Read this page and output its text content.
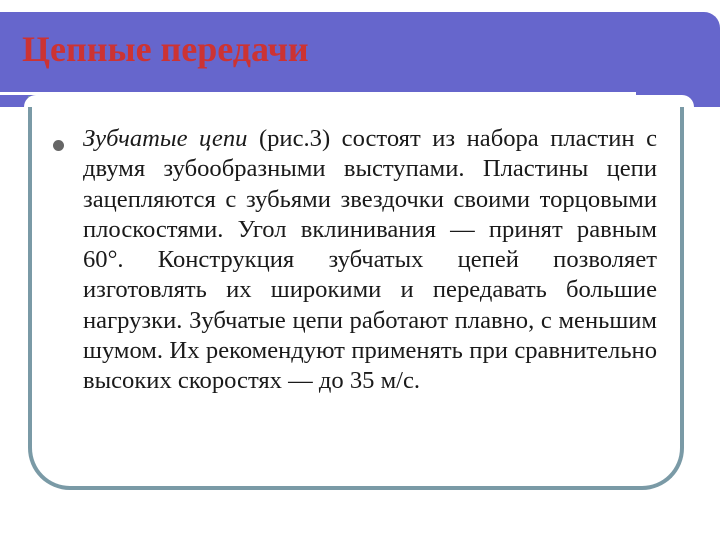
Цепные передачи

Зубчатые цепи (рис.3) состоят из набора пластин с двумя зубообразными выступами. Пластины цепи зацепляются с зубьями звездочки своими торцовыми плоскостями. Угол вклинивания — принят равным 60°. Конструкция зубчатых цепей позволяет изготовлять их широкими и передавать большие нагрузки. Зубчатые цепи работают плавно, с меньшим шумом. Их рекомендуют применять при сравнительно высоких скоростях — до 35 м/с.
